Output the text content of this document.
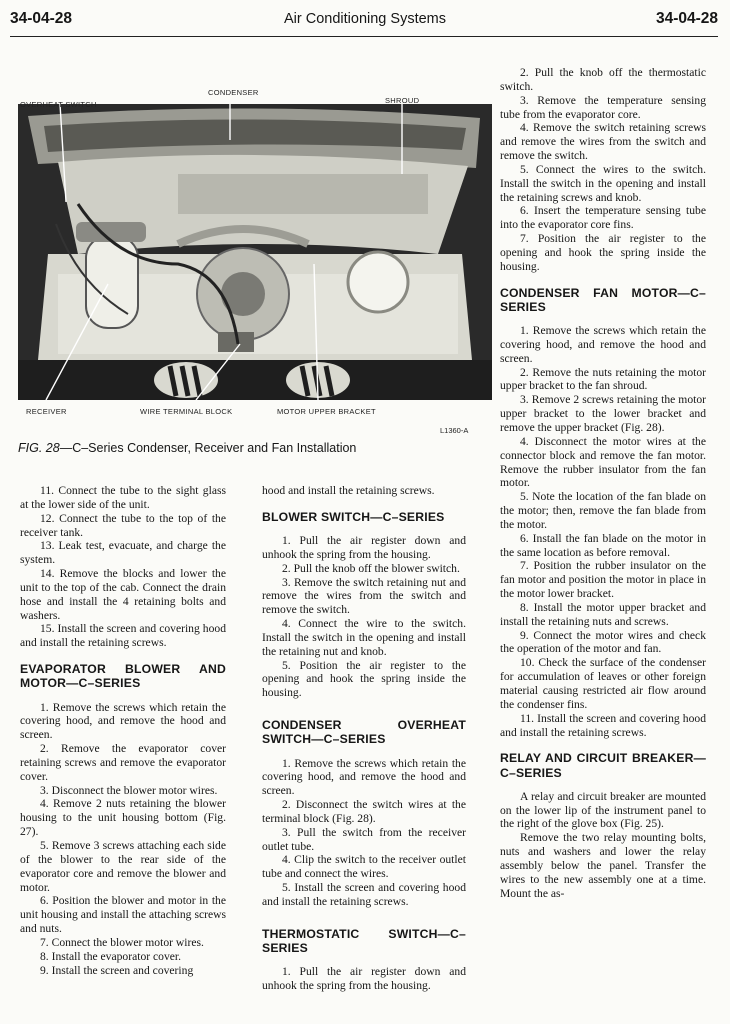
34-04-28	Air Conditioning Systems	34-04-28
CONDENSER
OVERHEAT SWITCH	SHROUD
RECEIVER	WIRE TERMINAL BLOCK	MOTOR UPPER BRACKET
L1360-A
FIG. 28—C–Series Condenser, Receiver and Fan Installation

11. Connect the tube to the sight glass at the lower side of the unit.

12. Connect the tube to the top of the receiver tank.

13. Leak test, evacuate, and charge the system.

14. Remove the blocks and lower the unit to the top of the cab. Connect the drain hose and install the 4 retaining bolts and washers.

15. Install the screen and covering hood and install the retaining screws.

EVAPORATOR BLOWER AND MOTOR—C–SERIES

1. Remove the screws which retain the covering hood, and remove the hood and screen.

2. Remove the evaporator cover retaining screws and remove the evaporator cover.

3. Disconnect the blower motor wires.

4. Remove 2 nuts retaining the blower housing to the unit housing bottom (Fig. 27).

5. Remove 3 screws attaching each side of the blower to the rear side of the evaporator core and remove the blower and motor.

6. Position the blower and motor in the unit housing and install the attaching screws and nuts.

7. Connect the blower motor wires.

8. Install the evaporator cover.

9. Install the screen and covering

hood and install the retaining screws.

BLOWER SWITCH—C–SERIES

1. Pull the air register down and unhook the spring from the housing.

2. Pull the knob off the blower switch.

3. Remove the switch retaining nut and remove the wires from the switch and remove the switch.

4. Connect the wire to the switch. Install the switch in the opening and install the retaining nut and knob.

5. Position the air register to the opening and hook the spring inside the housing.

CONDENSER OVERHEAT SWITCH—C–SERIES

1. Remove the screws which retain the covering hood, and remove the hood and screen.

2. Disconnect the switch wires at the terminal block (Fig. 28).

3. Pull the switch from the receiver outlet tube.

4. Clip the switch to the receiver outlet tube and connect the wires.

5. Install the screen and covering hood and install the retaining screws.

THERMOSTATIC SWITCH—C–SERIES

1. Pull the air register down and unhook the spring from the housing.

2. Pull the knob off the thermostatic switch.

3. Remove the temperature sensing tube from the evaporator core.

4. Remove the switch retaining screws and remove the wires from the switch and remove the switch.

5. Connect the wires to the switch. Install the switch in the opening and install the retaining screws and knob.

6. Insert the temperature sensing tube into the evaporator core fins.

7. Position the air register to the opening and hook the spring inside the housing.

CONDENSER FAN MOTOR—C–SERIES

1. Remove the screws which retain the covering hood, and remove the hood and screen.

2. Remove the nuts retaining the motor upper bracket to the fan shroud.

3. Remove 2 screws retaining the motor upper bracket to the lower bracket and remove the upper bracket (Fig. 28).

4. Disconnect the motor wires at the connector block and remove the fan motor. Remove the rubber insulator from the fan motor.

5. Note the location of the fan blade on the motor; then, remove the fan blade from the motor.

6. Install the fan blade on the motor in the same location as before removal.

7. Position the rubber insulator on the fan motor and position the motor in place in the motor lower bracket.

8. Install the motor upper bracket and install the retaining nuts and screws.

9. Connect the motor wires and check the operation of the motor and fan.

10. Check the surface of the condenser for accumulation of leaves or other foreign material causing restricted air flow around the condenser fins.

11. Install the screen and covering hood and install the retaining screws.

RELAY AND CIRCUIT BREAKER—C–SERIES

A relay and circuit breaker are mounted on the lower lip of the instrument panel to the right of the glove box (Fig. 25).

Remove the two relay mounting bolts, nuts and washers and lower the relay assembly below the panel. Transfer the wires to the new assembly one at a time. Mount the as-
